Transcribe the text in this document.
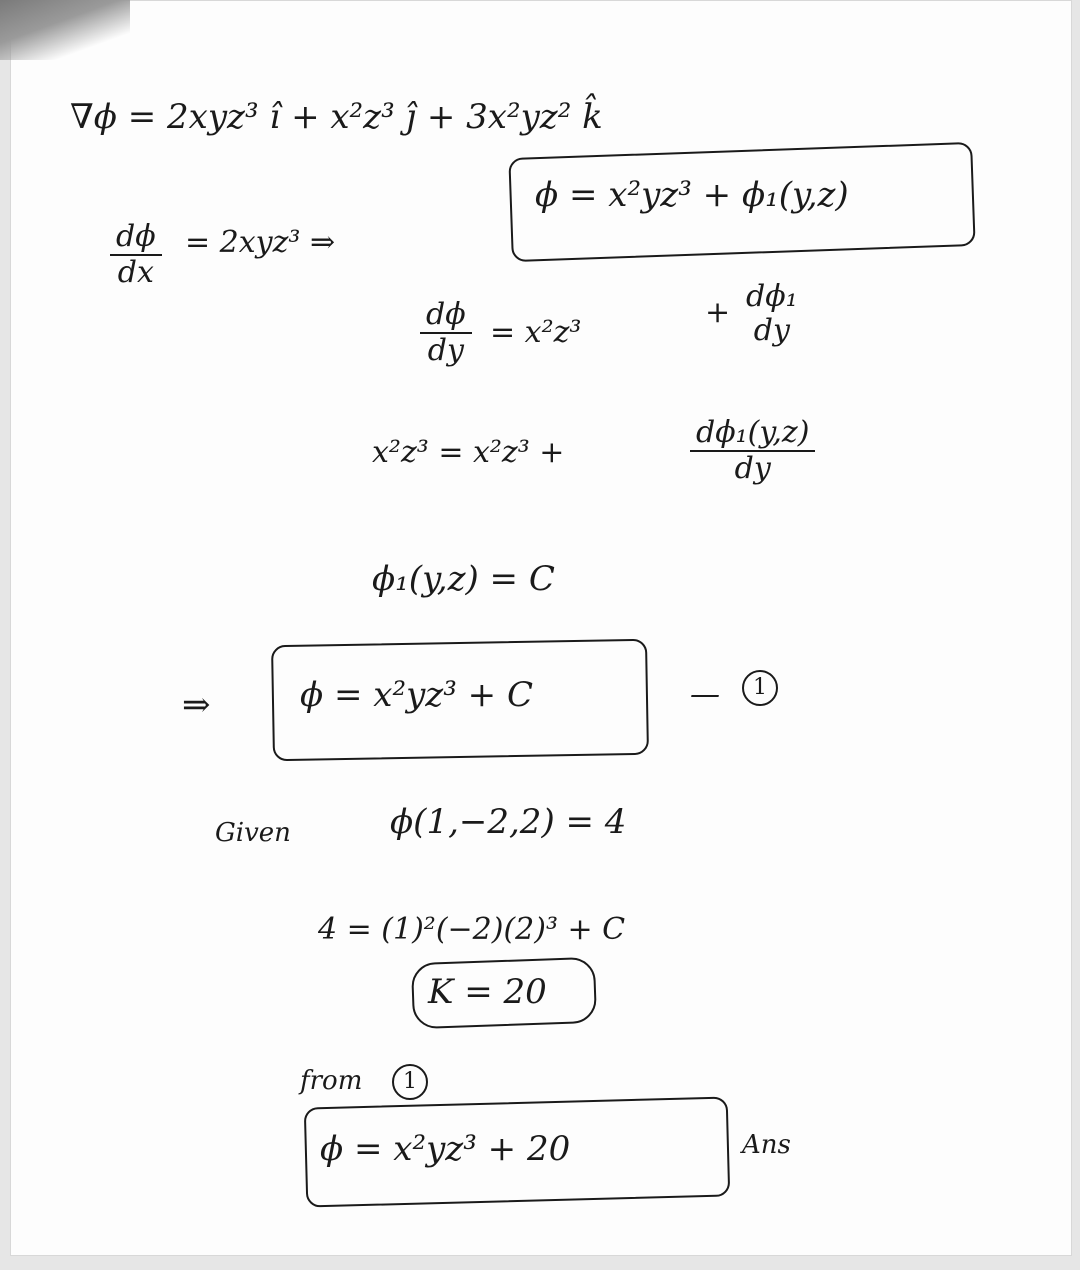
∇ϕ = 2xyz³ î + x²z³ ĵ + 3x²yz² k̂
$\frac{d\phi}{dx} = 2xyz^3$ ⇒
ϕ = x²yz³ + ϕ₁(y,z)
$\frac{d\phi}{dy} = x^2z^3$
+ dϕ₁
dy
x²z³ = x²z³ +	$\frac{\text{dϕ₁(y,z)}}{dy}$
ϕ₁(y,z) = C
⇒	ϕ = x²yz³ + C	—	1
Given	ϕ(1,−2,2) = 4
4 = (1)²(−2)(2)³ + C
K = 20
from	1
ϕ = x²yz³ + 20	Ans
